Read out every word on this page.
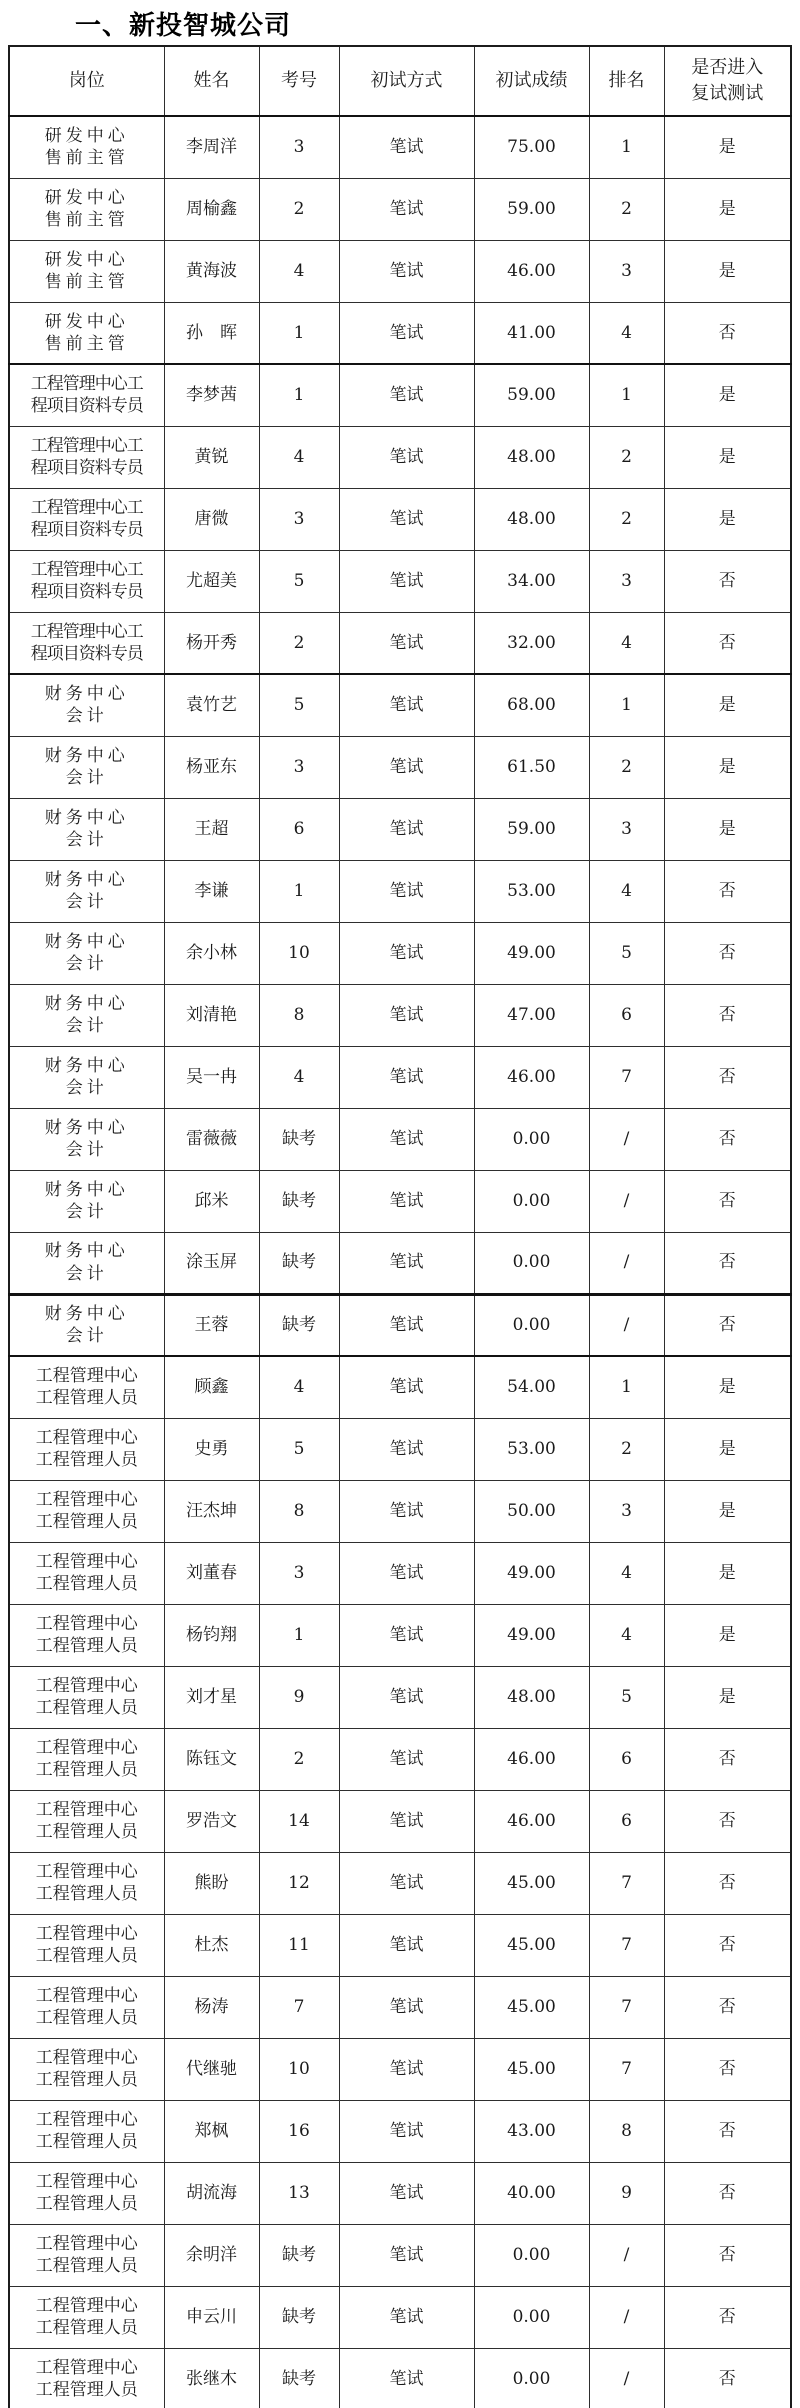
一、新投智城公司
岗位	姓名	考号	初试方式	初试成绩	排名	是否进入
复试测试
研发中心
售前主管	李周洋	3	笔试	75.00	1	是
研发中心
售前主管	周榆鑫	2	笔试	59.00	2	是
研发中心
售前主管	黄海波	4	笔试	46.00	3	是
研发中心
售前主管	孙　晖	1	笔试	41.00	4	否
工程管理中心工
程项目资料专员	李梦茜	1	笔试	59.00	1	是
工程管理中心工
程项目资料专员	黄锐	4	笔试	48.00	2	是
工程管理中心工
程项目资料专员	唐微	3	笔试	48.00	2	是
工程管理中心工
程项目资料专员	尤超美	5	笔试	34.00	3	否
工程管理中心工
程项目资料专员	杨开秀	2	笔试	32.00	4	否
财务中心
会计	袁竹艺	5	笔试	68.00	1	是
财务中心
会计	杨亚东	3	笔试	61.50	2	是
财务中心
会计	王超	6	笔试	59.00	3	是
财务中心
会计	李谦	1	笔试	53.00	4	否
财务中心
会计	余小林	10	笔试	49.00	5	否
财务中心
会计	刘清艳	8	笔试	47.00	6	否
财务中心
会计	吴一冉	4	笔试	46.00	7	否
财务中心
会计	雷薇薇	缺考	笔试	0.00	/	否
财务中心
会计	邱米	缺考	笔试	0.00	/	否
财务中心
会计	涂玉屏	缺考	笔试	0.00	/	否
财务中心
会计	王蓉	缺考	笔试	0.00	/	否
工程管理中心
工程管理人员	顾鑫	4	笔试	54.00	1	是
工程管理中心
工程管理人员	史勇	5	笔试	53.00	2	是
工程管理中心
工程管理人员	汪杰坤	8	笔试	50.00	3	是
工程管理中心
工程管理人员	刘董春	3	笔试	49.00	4	是
工程管理中心
工程管理人员	杨钧翔	1	笔试	49.00	4	是
工程管理中心
工程管理人员	刘才星	9	笔试	48.00	5	是
工程管理中心
工程管理人员	陈钰文	2	笔试	46.00	6	否
工程管理中心
工程管理人员	罗浩文	14	笔试	46.00	6	否
工程管理中心
工程管理人员	熊盼	12	笔试	45.00	7	否
工程管理中心
工程管理人员	杜杰	11	笔试	45.00	7	否
工程管理中心
工程管理人员	杨涛	7	笔试	45.00	7	否
工程管理中心
工程管理人员	代继驰	10	笔试	45.00	7	否
工程管理中心
工程管理人员	郑枫	16	笔试	43.00	8	否
工程管理中心
工程管理人员	胡流海	13	笔试	40.00	9	否
工程管理中心
工程管理人员	余明洋	缺考	笔试	0.00	/	否
工程管理中心
工程管理人员	申云川	缺考	笔试	0.00	/	否
工程管理中心
工程管理人员	张继木	缺考	笔试	0.00	/	否
